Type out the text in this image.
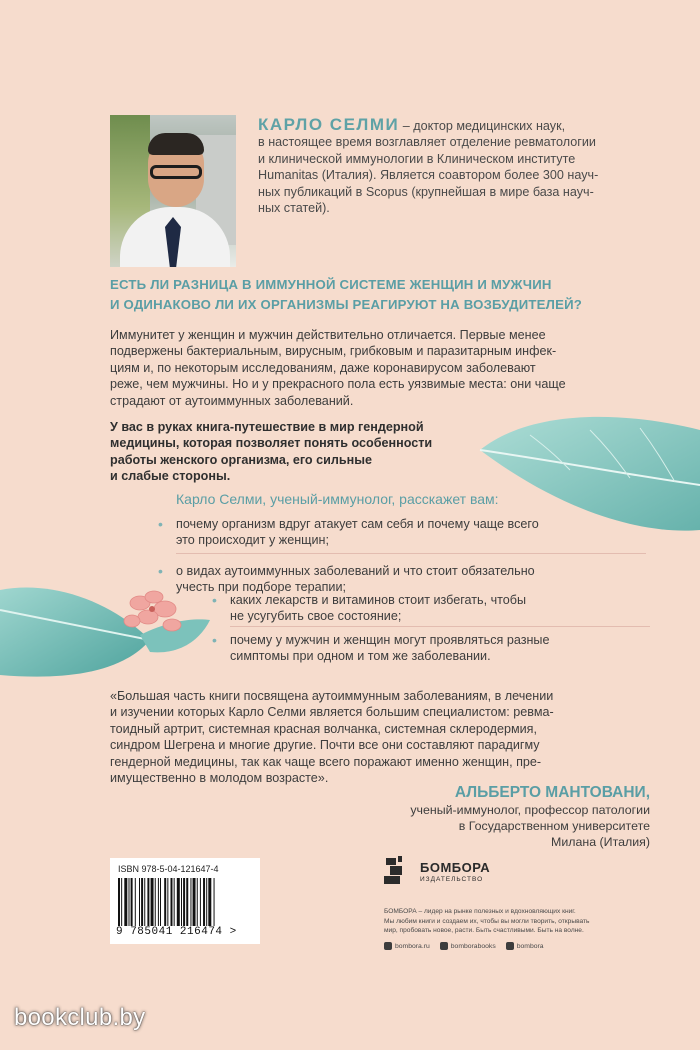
КАРЛО СЕЛМИ – доктор медицинских наук,
в настоящее время возглавляет отделение ревматологии
и клинической иммунологии в Клиническом институте
Humanitas (Италия). Является соавтором более 300 науч-
ных публикаций в Scopus (крупнейшая в мире база науч-
ных статей).
ЕСТЬ ЛИ РАЗНИЦА В ИММУННОЙ СИСТЕМЕ ЖЕНЩИН И МУЖЧИН
И ОДИНАКОВО ЛИ ИХ ОРГАНИЗМЫ РЕАГИРУЮТ НА ВОЗБУДИТЕЛЕЙ?
Иммунитет у женщин и мужчин действительно отличается. Первые менее
подвержены бактериальным, вирусным, грибковым и паразитарным инфек-
циям и, по некоторым исследованиям, даже коронавирусом заболевают
реже, чем мужчины. Но и у прекрасного пола есть уязвимые места: они чаще
страдают от аутоиммунных заболеваний.
У вас в руках книга-путешествие в мир гендерной
медицины, которая позволяет понять особенности
работы женского организма, его сильные
и слабые стороны.
Карло Селми, ученый-иммунолог, расскажет вам:
• почему организм вдруг атакует сам себя и почему чаще всего
это происходит у женщин;
• о видах аутоиммунных заболеваний и что стоит обязательно
учесть при подборе терапии;
• каких лекарств и витаминов стоит избегать, чтобы
не усугубить свое состояние;
• почему у мужчин и женщин могут проявляться разные
симптомы при одном и том же заболевании.
«Большая часть книги посвящена аутоиммунным заболеваниям, в лечении
и изучении которых Карло Селми является большим специалистом: ревма-
тоидный артрит, системная красная волчанка, системная склеродермия,
синдром Шегрена и многие другие. Почти все они составляют парадигму
гендерной медицины, так как чаще всего поражают именно женщин, пре-
имущественно в молодом возрасте».
АЛЬБЕРТО МАНТОВАНИ,
ученый-иммунолог, профессор патологии
в Государственном университете
Милана (Италия)
ISBN 978-5-04-121647-4
9 785041 216474 >
БОМБОРА
ИЗДАТЕЛЬСТВО
БОМБОРА – лидер на рынке полезных и вдохновляющих книг.
Мы любим книги и создаем их, чтобы вы могли творить, открывать
мир, пробовать новое, расти. Быть счастливыми. Быть на волне.
bombora.ru	bomborabooks	bombora
bookclub.by
